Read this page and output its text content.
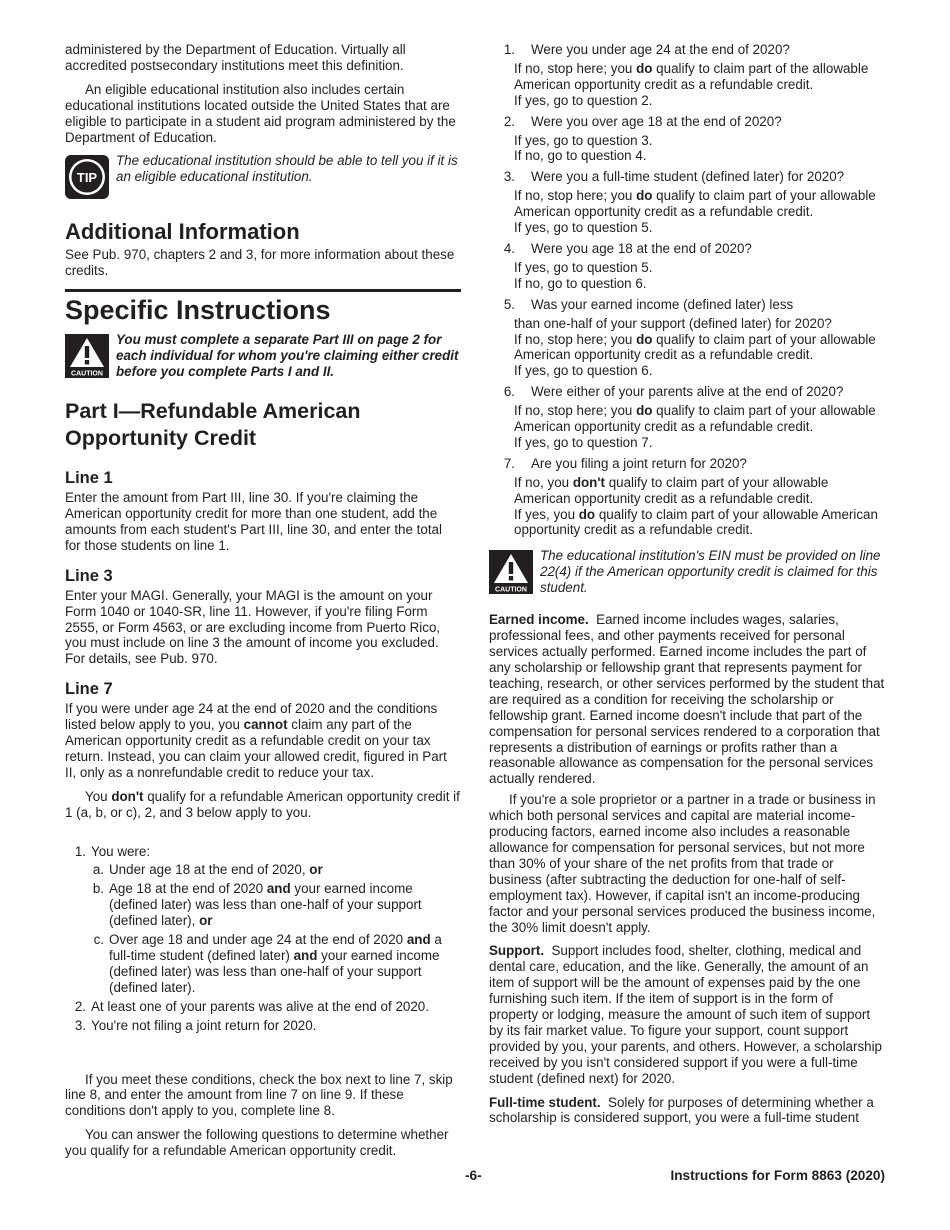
administered by the Department of Education. Virtually all accredited postsecondary institutions meet this definition.

An eligible educational institution also includes certain educational institutions located outside the United States that are eligible to participate in a student aid program administered by the Department of Education.

TIP
The educational institution should be able to tell you if it is an eligible educational institution.
Additional Information

See Pub. 970, chapters 2 and 3, for more information about these credits.

Specific Instructions
CAUTION
You must complete a separate Part III on page 2 for each individual for whom you're claiming either credit before you complete Parts I and II.
Part I—Refundable American
Opportunity Credit
Line 1

Enter the amount from Part III, line 30. If you're claiming the American opportunity credit for more than one student, add the amounts from each student's Part III, line 30, and enter the total for those students on line 1.

Line 3

Enter your MAGI. Generally, your MAGI is the amount on your Form 1040 or 1040-SR, line 11. However, if you're filing Form 2555, or Form 4563, or are excluding income from Puerto Rico, you must include on line 3 the amount of income you excluded. For details, see Pub. 970.

Line 7

If you were under age 24 at the end of 2020 and the conditions listed below apply to you, you cannot claim any part of the American opportunity credit as a refundable credit on your tax return. Instead, you can claim your allowed credit, figured in Part II, only as a nonrefundable credit to reduce your tax.

You don't qualify for a refundable American opportunity credit if 1 (a, b, or c), 2, and 3 below apply to you.

1. You were:
a. Under age 18 at the end of 2020, or
b. Age 18 at the end of 2020 and your earned income (defined later) was less than one-half of your support (defined later), or
c. Over age 18 and under age 24 at the end of 2020 and a full-time student (defined later) and your earned income (defined later) was less than one-half of your support (defined later).
2. At least one of your parents was alive at the end of 2020.
3. You're not filing a joint return for 2020.

If you meet these conditions, check the box next to line 7, skip line 8, and enter the amount from line 7 on line 9. If these conditions don't apply to you, complete line 8.

You can answer the following questions to determine whether you qualify for a refundable American opportunity credit.

1.	Were you under age 24 at the end of 2020?

If no, stop here; you do qualify to claim part of the allowable American opportunity credit as a refundable credit.

If yes, go to question 2.

2.	Were you over age 18 at the end of 2020?

If yes, go to question 3.

If no, go to question 4.

3.	Were you a full-time student (defined later) for 2020?

If no, stop here; you do qualify to claim part of your allowable American opportunity credit as a refundable credit.

If yes, go to question 5.

4.	Were you age 18 at the end of 2020?

If yes, go to question 5.

If no, go to question 6.

5.	Was your earned income (defined later) less

than one-half of your support (defined later) for 2020?

If no, stop here; you do qualify to claim part of your allowable American opportunity credit as a refundable credit.

If yes, go to question 6.

6.	Were either of your parents alive at the end of 2020?

If no, stop here; you do qualify to claim part of your allowable American opportunity credit as a refundable credit.

If yes, go to question 7.

7.	Are you filing a joint return for 2020?

If no, you don't qualify to claim part of your allowable American opportunity credit as a refundable credit.

If yes, you do qualify to claim part of your allowable American opportunity credit as a refundable credit.

CAUTION
The educational institution's EIN must be provided on line 22(4) if the American opportunity credit is claimed for this student.

Earned income. Earned income includes wages, salaries, professional fees, and other payments received for personal services actually performed. Earned income includes the part of any scholarship or fellowship grant that represents payment for teaching, research, or other services performed by the student that are required as a condition for receiving the scholarship or fellowship grant. Earned income doesn't include that part of the compensation for personal services rendered to a corporation that represents a distribution of earnings or profits rather than a reasonable allowance as compensation for the personal services actually rendered.

If you're a sole proprietor or a partner in a trade or business in which both personal services and capital are material income-producing factors, earned income also includes a reasonable allowance for compensation for personal services, but not more than 30% of your share of the net profits from that trade or business (after subtracting the deduction for one-half of self-employment tax). However, if capital isn't an income-producing factor and your personal services produced the business income, the 30% limit doesn't apply.

Support. Support includes food, shelter, clothing, medical and dental care, education, and the like. Generally, the amount of an item of support will be the amount of expenses paid by the one furnishing such item. If the item of support is in the form of property or lodging, measure the amount of such item of support by its fair market value. To figure your support, count support provided by you, your parents, and others. However, a scholarship received by you isn't considered support if you were a full-time student (defined next) for 2020.

Full-time student. Solely for purposes of determining whether a scholarship is considered support, you were a full-time student

-6-	Instructions for Form 8863 (2020)
